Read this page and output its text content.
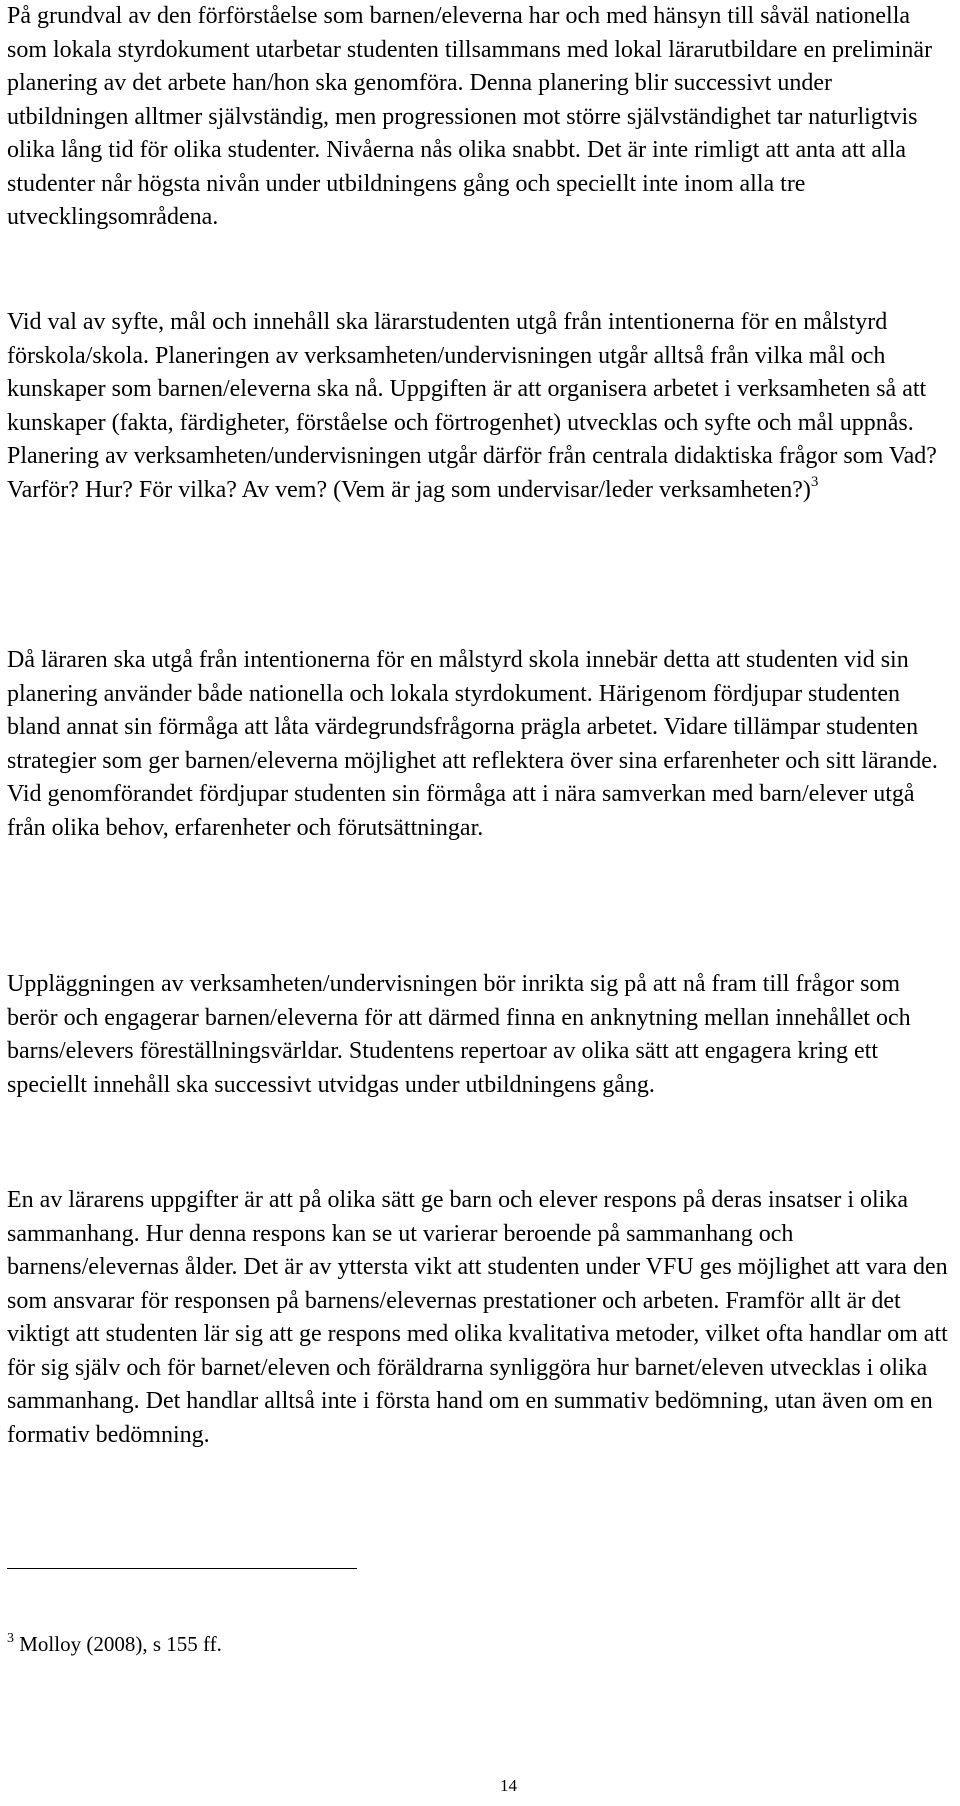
På grundval av den förförståelse som barnen/eleverna har och med hänsyn till såväl nationella som lokala styrdokument utarbetar studenten tillsammans med lokal lärarutbildare en preliminär planering av det arbete han/hon ska genomföra. Denna planering blir successivt under utbildningen alltmer självständig, men progressionen mot större självständighet tar naturligtvis olika lång tid för olika studenter. Nivåerna nås olika snabbt. Det är inte rimligt att anta att alla studenter når högsta nivån under utbildningens gång och speciellt inte inom alla tre utvecklingsområdena.

Vid val av syfte, mål och innehåll ska lärarstudenten utgå från intentionerna för en målstyrd förskola/skola. Planeringen av verksamheten/undervisningen utgår alltså från vilka mål och kunskaper som barnen/eleverna ska nå. Uppgiften är att organisera arbetet i verksamheten så att kunskaper (fakta, färdigheter, förståelse och förtrogenhet) utvecklas och syfte och mål uppnås. Planering av verksamheten/undervisningen utgår därför från centrala didaktiska frågor som Vad? Varför? Hur? För vilka? Av vem? (Vem är jag som undervisar/leder verksamheten?)$^3$

Då läraren ska utgå från intentionerna för en målstyrd skola innebär detta att studenten vid sin planering använder både nationella och lokala styrdokument. Härigenom fördjupar studenten bland annat sin förmåga att låta värdegrundsfrågorna prägla arbetet. Vidare tillämpar studenten strategier som ger barnen/eleverna möjlighet att reflektera över sina erfarenheter och sitt lärande. Vid genomförandet fördjupar studenten sin förmåga att i nära samverkan med barn/elever utgå från olika behov, erfarenheter och förutsättningar.

Uppläggningen av verksamheten/undervisningen bör inrikta sig på att nå fram till frågor som berör och engagerar barnen/eleverna för att därmed finna en anknytning mellan innehållet och barns/elevers föreställningsvärldar. Studentens repertoar av olika sätt att engagera kring ett speciellt innehåll ska successivt utvidgas under utbildningens gång.

En av lärarens uppgifter är att på olika sätt ge barn och elever respons på deras insatser i olika sammanhang. Hur denna respons kan se ut varierar beroende på sammanhang och barnens/elevernas ålder. Det är av yttersta vikt att studenten under VFU ges möjlighet att vara den som ansvarar för responsen på barnens/elevernas prestationer och arbeten. Framför allt är det viktigt att studenten lär sig att ge respons med olika kvalitativa metoder, vilket ofta handlar om att för sig själv och för barnet/eleven och föräldrarna synliggöra hur barnet/eleven utvecklas i olika sammanhang. Det handlar alltså inte i första hand om en summativ bedömning, utan även om en formativ bedömning.

$^3$ Molloy (2008), s 155 ff.

14
